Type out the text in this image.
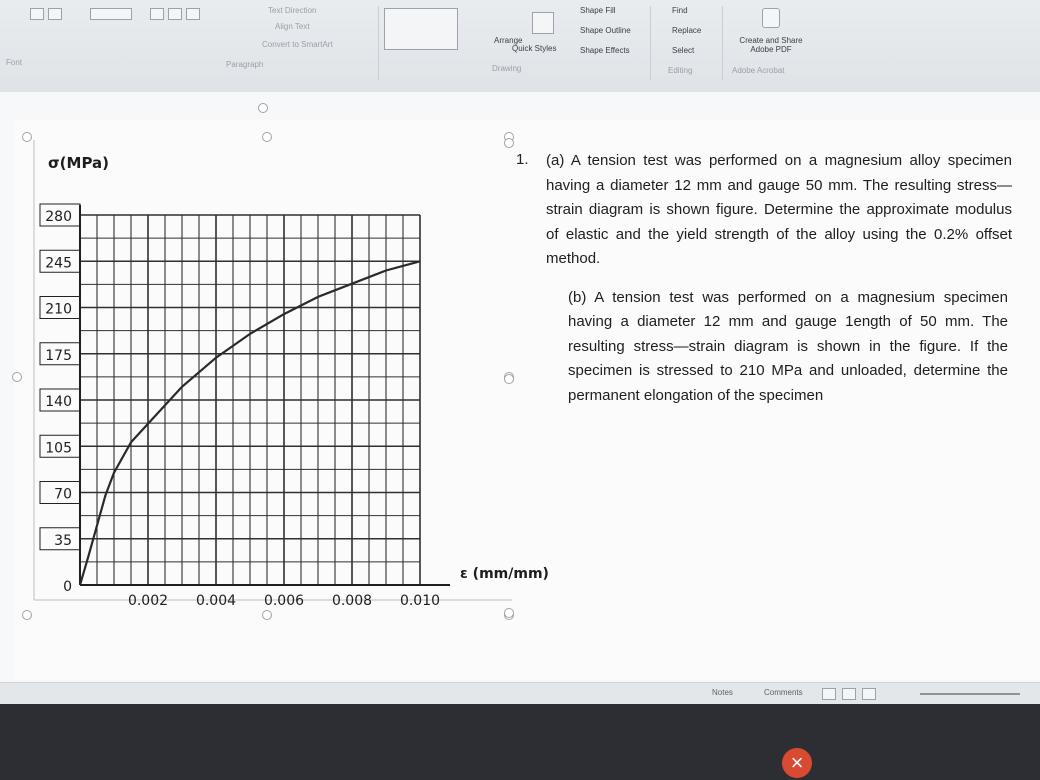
Font
Text Direction
Align Text
Convert to SmartArt
Paragraph
Arrange
Quick Styles
Shape Fill
Shape Outline
Shape Effects
Drawing
Find
Replace
Select
Editing
Create and Share Adobe PDF
Adobe Acrobat
σ(MPa)
ε (mm/mm)
0
35
70
105
140
175
210
245
280
0.002 0.004 0.006 0.008 0.010
1. (a) A tension test was performed on a magnesium alloy specimen having a diameter 12 mm and gauge 50 mm. The resulting stress—strain diagram is shown figure. Determine the approximate modulus of elastic and the yield strength of the alloy using the 0.2% offset method.
(b) A tension test was performed on a magnesium specimen having a diameter 12 mm and gauge 1ength of 50 mm. The resulting stress—strain diagram is shown in the figure. If the specimen is stressed to 210 MPa and unloaded, determine the permanent elongation of the specimen
Notes	Comments
×
